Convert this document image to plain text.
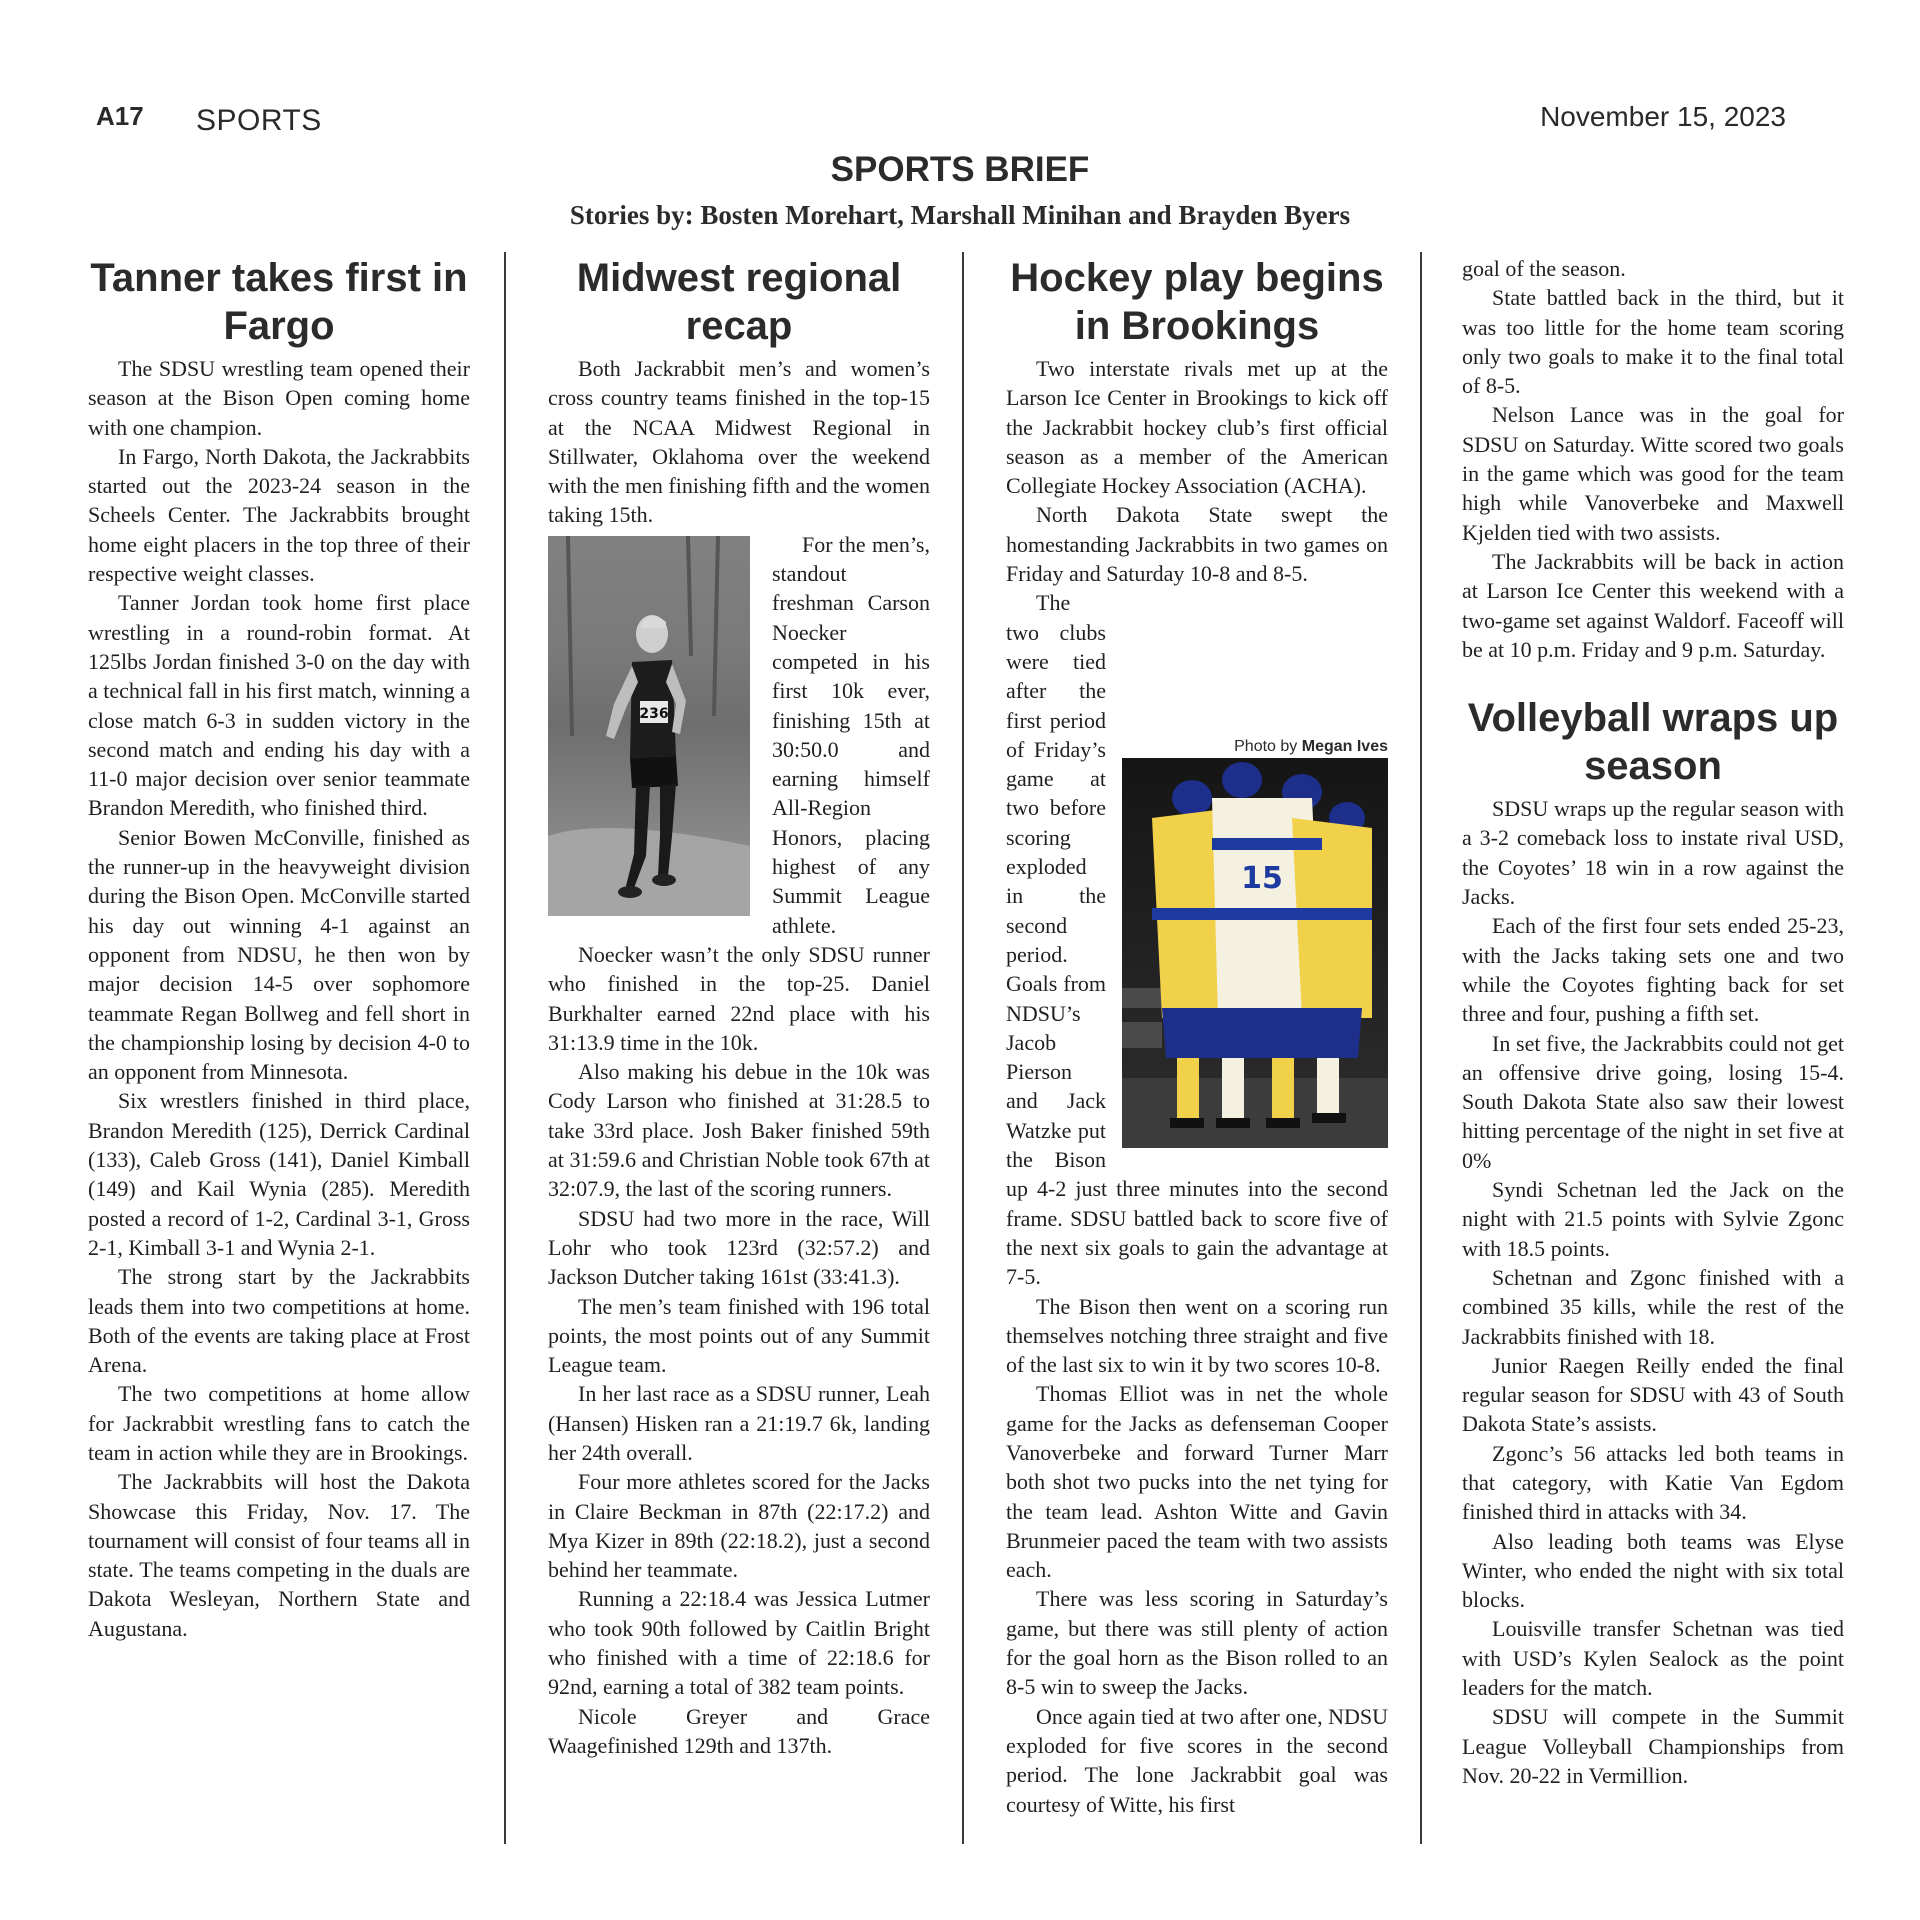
A17 SPORTS	November 15, 2023
SPORTS BRIEF
Stories by: Bosten Morehart, Marshall Minihan and Brayden Byers
Tanner takes first in Fargo

The SDSU wrestling team opened their season at the Bison Open coming home with one champion.

In Fargo, North Dakota, the Jackrabbits started out the 2023-24 season in the Scheels Center. The Jackrabbits brought home eight placers in the top three of their respective weight classes.

Tanner Jordan took home first place wrestling in a round-robin format. At 125lbs Jordan finished 3-0 on the day with a technical fall in his first match, winning a close match 6-3 in sudden victory in the second match and ending his day with a 11-0 major decision over senior teammate Brandon Meredith, who finished third.

Senior Bowen McConville, finished as the runner-up in the heavyweight division during the Bison Open. McConville started his day out winning 4-1 against an opponent from NDSU, he then won by major decision 14-5 over sophomore teammate Regan Bollweg and fell short in the championship losing by decision 4-0 to an opponent from Minnesota.

Six wrestlers finished in third place, Brandon Meredith (125), Derrick Cardinal (133), Caleb Gross (141), Daniel Kimball (149) and Kail Wynia (285). Meredith posted a record of 1-2, Cardinal 3-1, Gross 2-1, Kimball 3-1 and Wynia 2-1.

The strong start by the Jackrabbits leads them into two competitions at home. Both of the events are taking place at Frost Arena.

The two competitions at home allow for Jackrabbit wrestling fans to catch the team in action while they are in Brookings.

The Jackrabbits will host the Dakota Showcase this Friday, Nov. 17. The tournament will consist of four teams all in state. The teams competing in the duals are Dakota Wesleyan, Northern State and Augustana.

Midwest regional recap

Both Jackrabbit men’s and women’s cross country teams finished in the top-15 at the NCAA Midwest Regional in Stillwater, Oklahoma over the weekend with the men finishing fifth and the women taking 15th.

236

For the men’s, standout freshman Carson Noecker competed in his first 10k ever, finishing 15th at 30:50.0 and earning himself All-Region Honors, placing highest of any Summit League athlete.

Noecker wasn’t the only SDSU runner who finished in the top-25. Daniel Burkhalter earned 22nd place with his 31:13.9 time in the 10k.

Also making his debue in the 10k was Cody Larson who finished at 31:28.5 to take 33rd place. Josh Baker finished 59th at 31:59.6 and Christian Noble took 67th at 32:07.9, the last of the scoring runners.

SDSU had two more in the race, Will Lohr who took 123rd (32:57.2) and Jackson Dutcher taking 161st (33:41.3).

The men’s team finished with 196 total points, the most points out of any Summit League team.

In her last race as a SDSU runner, Leah (Hansen) Hisken ran a 21:19.7 6k, landing her 24th overall.

Four more athletes scored for the Jacks in Claire Beckman in 87th (22:17.2) and Mya Kizer in 89th (22:18.2), just a second behind her teammate.

Running a 22:18.4 was Jessica Lutmer who took 90th followed by Caitlin Bright who finished with a time of 22:18.6 for 92nd, earning a total of 382 team points.

Nicole Greyer and Grace Waagefinished 129th and 137th.

Hockey play begins in Brookings

Two interstate rivals met up at the Larson Ice Center in Brookings to kick off the Jackrabbit hockey club’s first official season as a member of the American Collegiate Hockey Association (ACHA).

North Dakota State swept the homestanding Jackrabbits in two games on Friday and Saturday 10-8 and 8-5.

Photo by Megan Ives
15

The two clubs were tied after the first period of Friday’s game at two before scoring exploded in the second period. Goals from NDSU’s Jacob Pierson and Jack Watzke put the Bison up 4-2 just three minutes into the second frame. SDSU battled back to score five of the next six goals to gain the advantage at 7-5.

The Bison then went on a scoring run themselves notching three straight and five of the last six to win it by two scores 10-8.

Thomas Elliot was in net the whole game for the Jacks as defenseman Cooper Vanoverbeke and forward Turner Marr both shot two pucks into the net tying for the team lead. Ashton Witte and Gavin Brunmeier paced the team with two assists each.

There was less scoring in Saturday’s game, but there was still plenty of action for the goal horn as the Bison rolled to an 8-5 win to sweep the Jacks.

Once again tied at two after one, NDSU exploded for five scores in the second period. The lone Jackrabbit goal was courtesy of Witte, his first

goal of the season.

State battled back in the third, but it was too little for the home team scoring only two goals to make it to the final total of 8-5.

Nelson Lance was in the goal for SDSU on Saturday. Witte scored two goals in the game which was good for the team high while Vanoverbeke and Maxwell Kjelden tied with two assists.

The Jackrabbits will be back in action at Larson Ice Center this weekend with a two-game set against Waldorf. Faceoff will be at 10 p.m. Friday and 9 p.m. Saturday.

Volleyball wraps up season

SDSU wraps up the regular season with a 3-2 comeback loss to instate rival USD, the Coyotes’ 18 win in a row against the Jacks.

Each of the first four sets ended 25-23, with the Jacks taking sets one and two while the Coyotes fighting back for set three and four, pushing a fifth set.

In set five, the Jackrabbits could not get an offensive drive going, losing 15-4. South Dakota State also saw their lowest hitting percentage of the night in set five at 0%

Syndi Schetnan led the Jack on the night with 21.5 points with Sylvie Zgonc with 18.5 points.

Schetnan and Zgonc finished with a combined 35 kills, while the rest of the Jackrabbits finished with 18.

Junior Raegen Reilly ended the final regular season for SDSU with 43 of South Dakota State’s assists.

Zgonc’s 56 attacks led both teams in that category, with Katie Van Egdom finished third in attacks with 34.

Also leading both teams was Elyse Winter, who ended the night with six total blocks.

Louisville transfer Schetnan was tied with USD’s Kylen Sealock as the point leaders for the match.

SDSU will compete in the Summit League Volleyball Championships from Nov. 20-22 in Vermillion.
